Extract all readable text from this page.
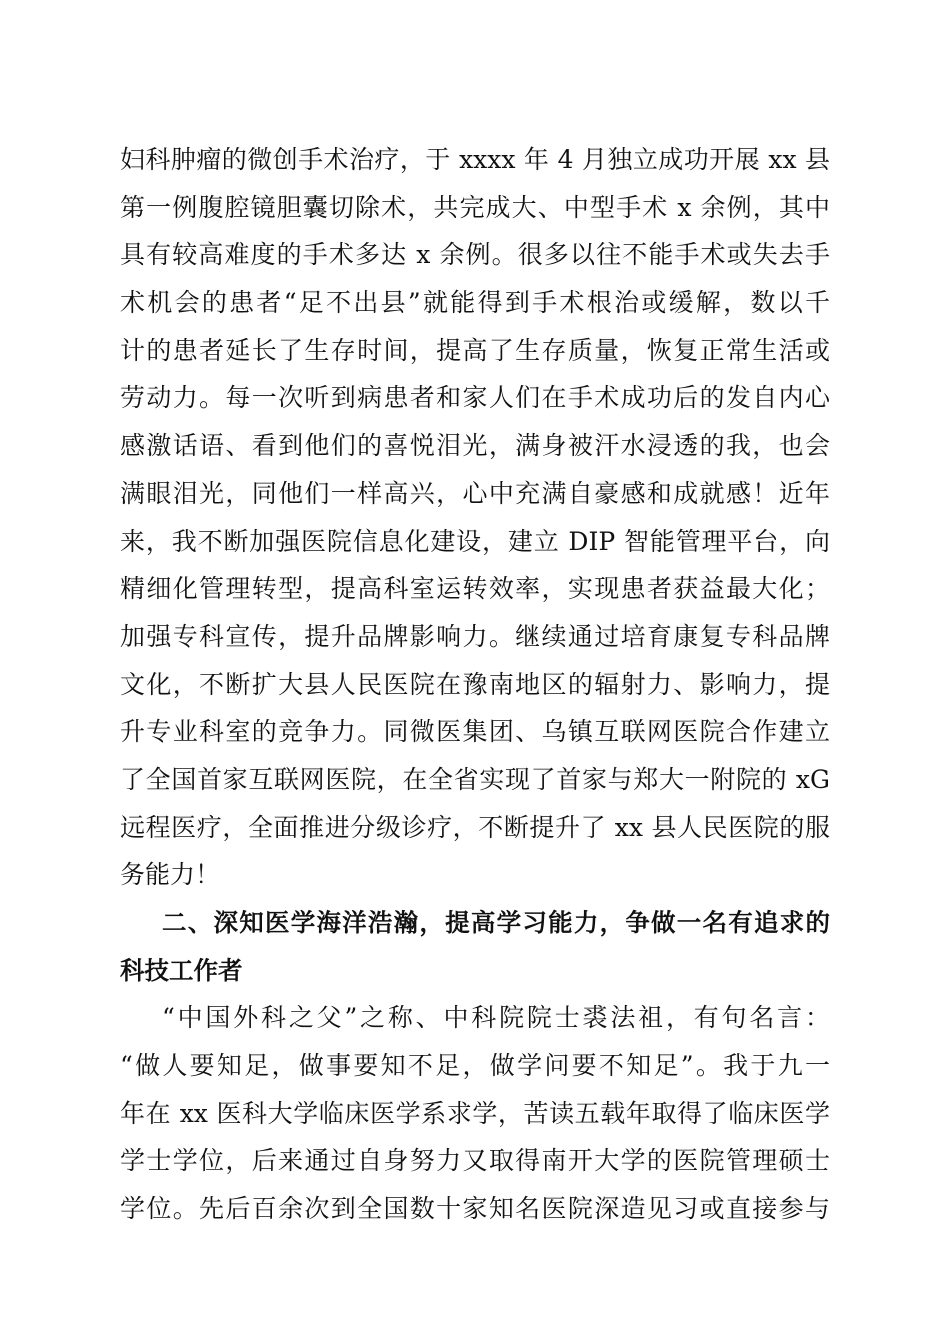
妇科肿瘤的微创手术治疗，于 xxxx 年 4 月独立成功开展 xx 县
第一例腹腔镜胆囊切除术，共完成大、中型手术 x 余例，其中
具有较高难度的手术多达 x 余例。很多以往不能手术或失去手
术机会的患者“足不出县”就能得到手术根治或缓解，数以千
计的患者延长了生存时间，提高了生存质量，恢复正常生活或
劳动力。每一次听到病患者和家人们在手术成功后的发自内心
感激话语、看到他们的喜悦泪光，满身被汗水浸透的我，也会
满眼泪光，同他们一样高兴，心中充满自豪感和成就感！近年
来，我不断加强医院信息化建设，建立 DIP 智能管理平台，向
精细化管理转型，提高科室运转效率，实现患者获益最大化；
加强专科宣传，提升品牌影响力。继续通过培育康复专科品牌
文化，不断扩大县人民医院在豫南地区的辐射力、影响力，提
升专业科室的竞争力。同微医集团、乌镇互联网医院合作建立
了全国首家互联网医院，在全省实现了首家与郑大一附院的 xG
远程医疗，全面推进分级诊疗，不断提升了 xx 县人民医院的服
务能力！
二、深知医学海洋浩瀚，提高学习能力，争做一名有追求的
科技工作者
“中国外科之父”之称、中科院院士裘法祖，有句名言：
“做人要知足，做事要知不足，做学问要不知足”。我于九一
年在 xx 医科大学临床医学系求学，苦读五载年取得了临床医学
学士学位，后来通过自身努力又取得南开大学的医院管理硕士
学位。先后百余次到全国数十家知名医院深造见习或直接参与
